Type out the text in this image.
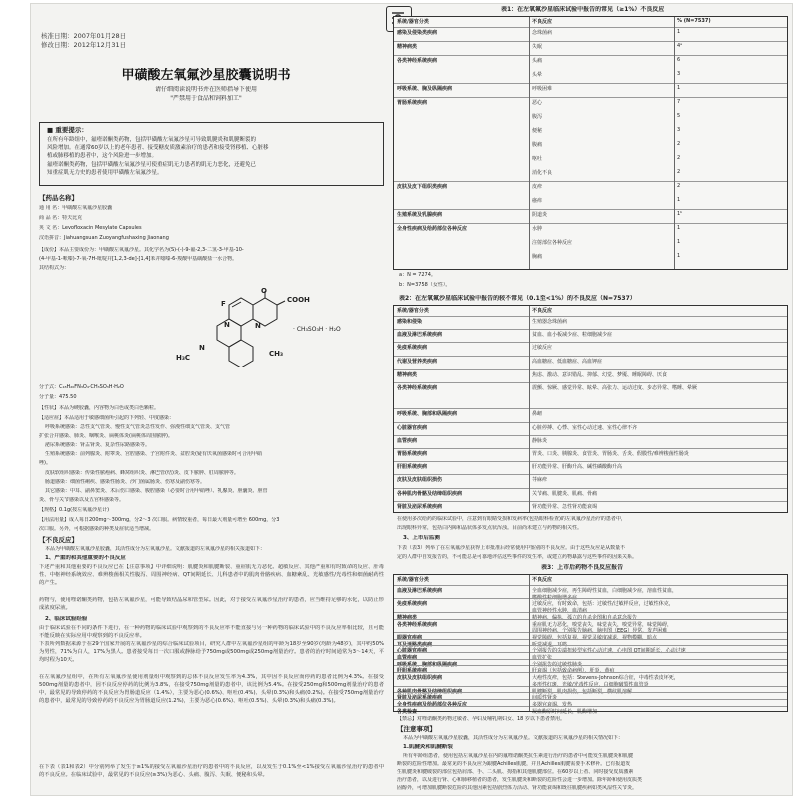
核准日期：2007年01月28日
修改日期：2012年12月31日
甲磺酸左氧氟沙星胶囊说明书
请仔细阅读说明书并在医师指导下使用
"严禁用于食品和饲料加工"
■ 重要提示：
在所有年龄组中，氟喹诺酮类药物，包括甲磺酸左氧氟沙星可导致肌腱炎和肌腱断裂的
风险增加。在通常60岁以上的老年患者、接受糖皮质激素治疗的患者和接受肾移植、心脏移
植或肺移植的患者中，这个风险进一步增加。
氟喹诺酮类药物，包括甲磺酸左氧氟沙星可使重症肌无力患者的肌无力恶化，还避免已
知重症肌无力史的患者使用甲磺酸左氧氟沙星。
【药品名称】
通 用 名：甲磺酸左氧氟沙星胶囊
商 品 名：特夫比克
英 文 名：Levofloxacin Mesylate Capsules
汉语拼音：Jiahuangsuan Zuoyangfushaxing Jiaonang
【成份】本品主要成份为：甲磺酸左氧氟沙星。其化学名为(S)-(-)-9-氟-2,3-二氢-3-甲基-10-
(4-甲基-1-哌嗪)-7-氧-7H-吡啶并[1,2,3-de]-[1,4]苯并噁嗪-6-羧酸甲基磺酸盐一水合物。
其结构式为：
F	COOH
O
N
H₃C
N
N
CH₃
· CH₃SO₃H · H₂O
分子式：C₁₈H₂₀FN₃O₄·CH₃SO₃H·H₂O
分子量：475.50
【性状】本品为硬胶囊，内容物为白色或类白色颗粒。
【适应症】本品适用于敏感细菌所引起的下列轻、中度感染：
呼吸系统感染：急性支气管炎、慢性支气管炎急性发作、弥漫性细支气管炎、支气管
扩张合并感染、肺炎、咽喉炎、扁桃体炎(扁桃体周围脓肿)。
泌尿系统感染：肾盂肾炎、复杂性尿路感染等。
生殖系统感染：前列腺炎、附睾炎、宫腔感染、子宫附件炎、盆腔炎(疑有厌氧菌感染时可合用甲硝
唑)。
皮肤软组织感染：传染性脓疱病、蜂窝组织炎、淋巴管(结)炎、皮下脓肿、肛周脓肿等。
肠道感染：细菌性痢疾、感染性肠炎、沙门菌属肠炎、伤寒及副伤寒等。
其它感染：中耳、副鼻窦炎、术后伤口感染、腹腔感染（必要时合用甲硝唑）、乳腺炎、胆囊炎、胆管
炎、骨与关节感染以及五官科感染等。
【规格】0.1g(按左氧氟沙星计)
【用法用量】成人每日200mg～300mg，分2～3 次口服。病情较重者，每日最大剂量可增至 600mg，分3
次口服。另外，可根据感染的种类及症状适当增减。
【不良反应】
本品为甲磺酸左氧氟沙星胶囊，其活性成分为左氧氟沙星。文献报道的左氧氟沙星的相关报道如下：
1、严重的和其他重要的不良反应
下述严重和其他重要的不良反应已在【注意事项】中详细说明：肌腱炎和肌腱断裂、重症肌无力恶化、超敏反应、其他严重和有时致命的反应、肝毒性、中枢神经系统效应、难辨梭菌相关性腹泻、周围神经病、QT间期延长、儿科患者中的肌肉骨骼疾病、血糖紊乱、光敏感性/光毒性和细菌耐药性的产生。
药物与，使用喹诺酮类药物，包括左氧氟沙星，可能导致结晶尿和管型尿。因此，对于接受左氧氟沙星治疗的患者，应当维持足够的水化，以防止形成浓度尿液。
2、临床试验经验
由于临床试验在不同的条件下进行，在一种药物的临床试验中观察到的不良反应率不能直接与另一种药物的临床试验中的不良反应率相比较，且可能不能反映在实际应用中观察到的不良反应率。
下表所列数据来源于在29个国家开展的左氧氟沙星的综合临床试验项目，研究人群中左氧氟沙星组的年龄为18岁至90岁(均龄为48岁)，其中约50%为男性，71%为白人，17%为黑人。患者接受每日一次口服或静脉给予750mg或500mg或250mg剂量治疗。患者的治疗时间通常为3～14天，平均时程为10天。
在左氧氟沙星组中，在所有左氧氟沙星使用剂量组中观察到的总体不良反应发生率为4.3%，其中因不良反应而停药的患者比例为4.3%。在接受500mg剂量的患者中，因不良反应停药的比例为3.8%，在接受750mg剂量的患者中，该比例为5.4%。在接受250mg和500mg剂量治疗的患者中，最常见的导致停药的不良反应为胃肠道反应（1.4%），主要为恶心(0.6%)、呕吐(0.4%)、头晕(0.3%)和头痛(0.2%)。在接受750mg剂量治疗的患者中，最常见的导致停药的不良反应为胃肠道反应(1.2%)，主要为恶心(0.6%)、呕吐(0.5%)、头晕(0.3%)和头痛(0.3%)。
在下表（表1和表2）中分别列举了发生于≥1%的接受左氧氟沙星治疗的患者中的不良反应，以及发生于0.1%至<1%接受左氧氟沙星治疗的患者中的不良反应。在临床试验中，最常见的不良反应(≥3%)为恶心、头痛、腹泻、失眠、便秘和头晕。
表1：在左氧氟沙星临床试验中报告的常见（≥1%）不良反应
系统/器官分类	不良反应	% (N=7537)
感染及侵染类疾病	念珠菌病	1
精神病类	失眠	4ᵃ
各类神经系统疾病	头痛	6
头晕	3
呼吸系统、胸及纵隔疾病	呼吸困难	1
胃肠系统疾病	恶心	7
腹泻	5
便秘	3
腹痛	2
呕吐	2
消化不良	2
皮肤及皮下组织类疾病	皮疹	2
瘙痒	1
生殖系统及乳腺疾病	阴道炎	1ᵇ
全身性疾病及给药部位各种反应	水肿	1
注射部位各种反应	1
胸痛	1
a：N = 7274。
b：N=3758（女性）。
表2：在左氧氟沙星临床试验中报告的较不常见（0.1至<1%）的不良反应（N=7537）
系统/器官分类	不良反应
感染和侵染	生殖器念珠菌病
血液及淋巴系统疾病	贫血、血小板减少症、粒细胞减少症
免疫系统疾病	过敏反应
代谢及营养类疾病	高血糖症、低血糖症、高血钾症
精神病类	焦虑、激动、意识错乱、抑郁、幻觉、梦魇、睡眠障碍、厌食
各类神经系统疾病	震颤、惊厥、感觉异常、眩晕、高张力、运动过度、步态异常、嗜睡、晕厥
呼吸系统、胸部和纵隔疾病	鼻衄
心脏器官疾病	心脏停搏、心悸、室性心动过速、室性心律不齐
血管疾病	静脉炎
胃肠系统疾病	胃炎、口炎、胰腺炎、食管炎、胃肠炎、舌炎、假膜性/难辨梭菌性肠炎
肝胆系统疾病	肝功能异常、肝酶升高、碱性磷酸酶升高
皮肤及皮肤组织损伤	荨麻疹
各种肌肉骨骼及结缔组织疾病	关节痛、肌腱炎、肌痛、骨痛
肾脏及泌尿系统疾病	肾功能异常、急性肾功能衰竭
在使用多次给药的临床试验中，注意到有眼睛受损和发病率(包括眼科检查)的左氧氟沙星治疗的患者中，
出现眼科异常，包括白内障和晶状体多发点状浑浊。目前尚未建立与药物的相关性。
3、上市后监测
下表（表3）列举了在左氧氟沙星获得上市批准后经常使用中鉴别的不良反应。由于这些反应是从数量不
定的人群中自发报告的，不可能总是可靠地评估这些事件的发生率，或建立药物暴露与这些事件的因果关系。
表3：上市后药物不良反应报告
系统/器官分类	不良反应
血液及淋巴系统疾病	全血细胞减少症，再生障碍性贫血，白细胞减少症，溶血性贫血，
嗜酸性粒细胞增多症
免疫系统疾病	过敏反应，有时致命，包括：过敏性/过敏样反应，过敏性休克，
血管神经性水肿，血清病
精神病类	精神病，偏执，孤立的自杀企图和自杀意念报告
各类神经系统疾病	重症肌无力恶化，嗅觉丧失，味觉丧失，嗅觉异常，味觉障碍，
周围神经病，个别报告脑病，脑电图（EEG）异常，发声困难
眼器官疾病	视觉障碍，包括复视，视觉灵敏度减退，视物模糊，暗点
耳及迷路类疾病	听觉减退，耳鸣
心脏器官疾病	个别报告的尖端扭转型室性心动过速，心电图 QT间期延长，心动过速
血管疾病	血管扩张
呼吸系统、胸部和纵隔疾病	个别报告的过敏性肺炎
肝胆系统疾病	肝衰竭（包括致命病例），肝炎，黄疸
皮肤及皮肤组织疾病	大疱性皮疹，包括：Stevens-Johnson综合征，中毒性表皮坏死，
多形性红斑，光敏/光毒性反应，白细胞破裂性血管炎
各种肌肉骨骼及结缔组织疾病	肌腱断裂，肌肉损伤，包括断裂，横纹肌溶解
肾脏及泌尿系统疾病	间质性肾炎
全身性疾病及给药部位各种反应	多器官衰竭，发热
各类检查	凝血酶原时间延长，肌酶增加
【禁忌】对喹诺酮类药物过敏者、孕妇及哺乳期妇女、18 岁以下患者禁用。
【注意事项】
本品为甲磺酸左氧氟沙星胶囊，其活性成分为左氧氟沙星。文献报道的左氧氟沙星的相关情况如下：
1.肌腱炎和肌腱断裂
所有年龄组患者，使用包括左氧氟沙星在内的氟喹诺酮类抗生素进行治疗的患者中可能发生肌腱炎和肌腱
断裂的危险性增加。最常见的不良反应为跟腱Achilles肌腱，并且Achilles肌腱需要手术修补。已有报道发
生肌腱炎和腱破裂的部位包括肩部、手、二头肌、拇指和其他肌腱部位。在60岁以上者、同时接受皮质激素
治疗患者，以及进行肾、心和肺移植者的患者，发生肌腱炎和断裂的危险性会进一步增加。除年龄和使用皮质类
固醇外，可增加肌腱断裂危险的其他因素包括剧烈体力活动、肾功能衰竭和既往肌腱疾病如类风湿性关节炎。
